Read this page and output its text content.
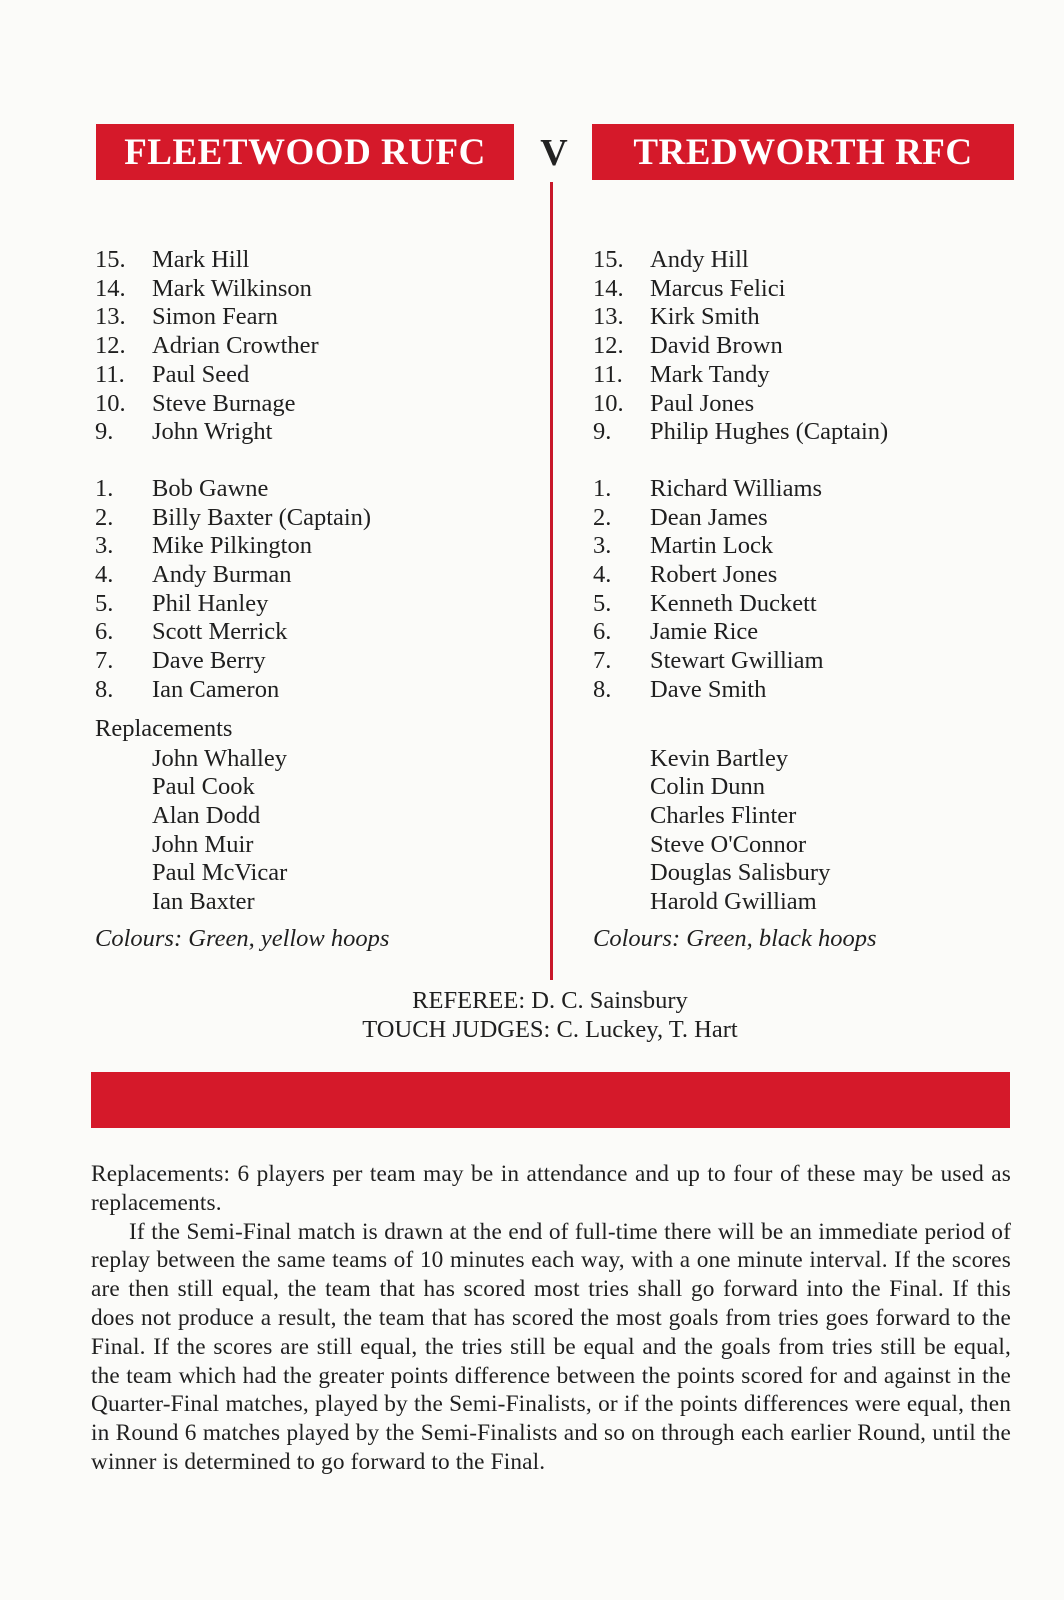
FLEETWOOD RUFC V TREDWORTH RFC
15.	Mark Hill
14.	Mark Wilkinson
13.	Simon Fearn
12.	Adrian Crowther
11.	Paul Seed
10.	Steve Burnage
9.	John Wright
1.	Bob Gawne
2.	Billy Baxter (Captain)
3.	Mike Pilkington
4.	Andy Burman
5.	Phil Hanley
6.	Scott Merrick
7.	Dave Berry
8.	Ian Cameron
Replacements
John Whalley
Paul Cook
Alan Dodd
John Muir
Paul McVicar
Ian Baxter
Colours: Green, yellow hoops
15.	Andy Hill
14.	Marcus Felici
13.	Kirk Smith
12.	David Brown
11.	Mark Tandy
10.	Paul Jones
9.	Philip Hughes (Captain)
1.	Richard Williams
2.	Dean James
3.	Martin Lock
4.	Robert Jones
5.	Kenneth Duckett
6.	Jamie Rice
7.	Stewart Gwilliam
8.	Dave Smith
Kevin Bartley
Colin Dunn
Charles Flinter
Steve O'Connor
Douglas Salisbury
Harold Gwilliam
Colours: Green, black hoops
REFEREE: D. C. Sainsbury
TOUCH JUDGES: C. Luckey, T. Hart

Replacements: 6 players per team may be in attendance and up to four of these may be used as replacements.

If the Semi-Final match is drawn at the end of full-time there will be an immediate period of replay between the same teams of 10 minutes each way, with a one minute interval. If the scores are then still equal, the team that has scored most tries shall go forward into the Final. If this does not produce a result, the team that has scored the most goals from tries goes forward to the Final. If the scores are still equal, the tries still be equal and the goals from tries still be equal, the team which had the greater points difference between the points scored for and against in the Quarter-Final matches, played by the Semi-Finalists, or if the points differences were equal, then in Round 6 matches played by the Semi-Finalists and so on through each earlier Round, until the winner is determined to go forward to the Final.
